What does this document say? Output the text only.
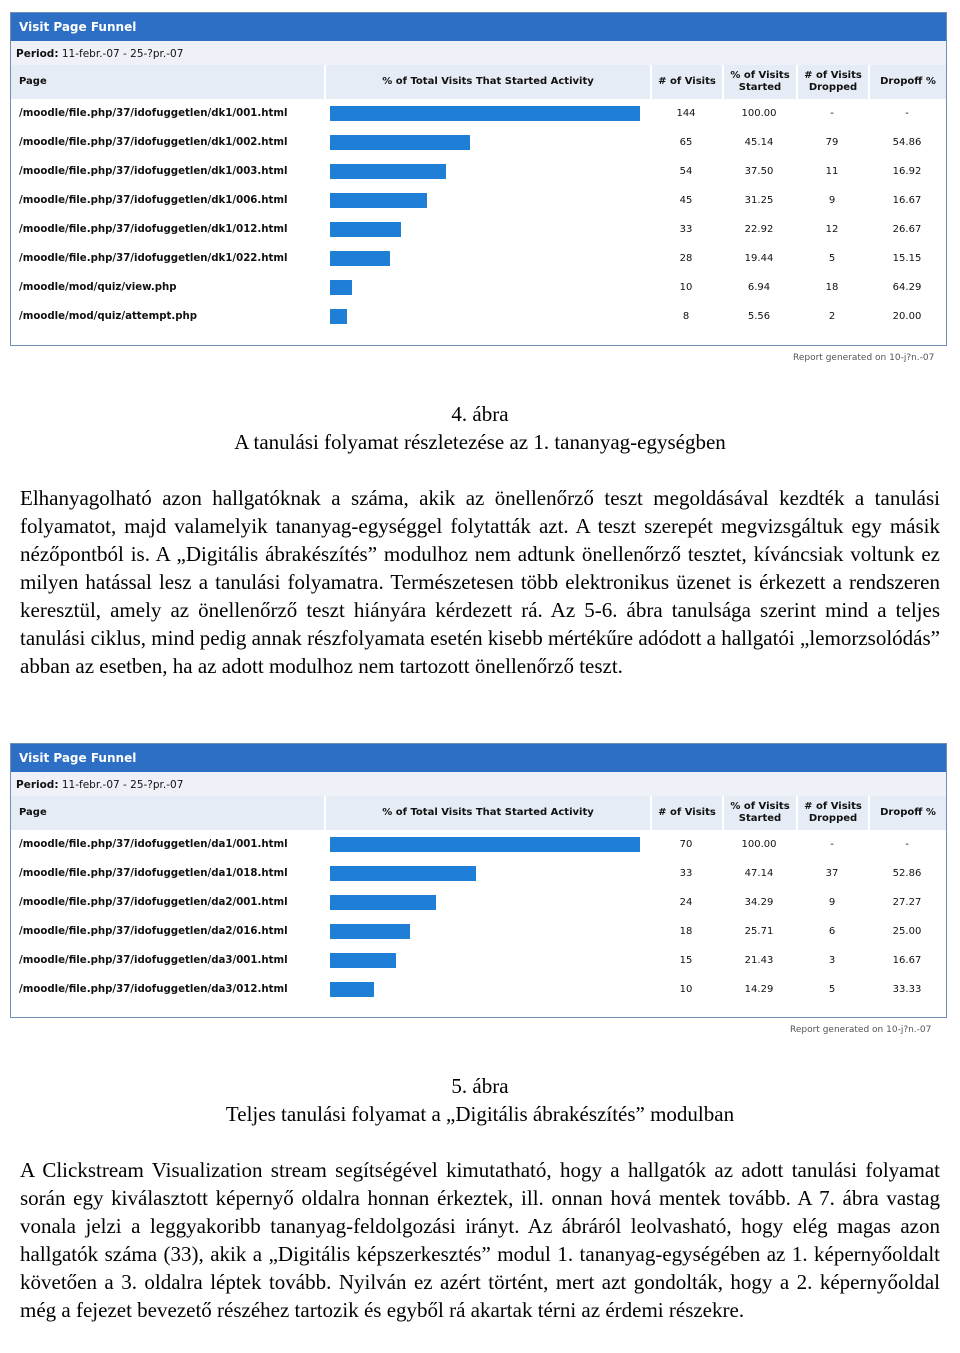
Visit Page Funnel
Period: 11-febr.-07 - 25-?pr.-07
Page	% of Total Visits That Started Activity	# of Visits	% of Visits Started	# of Visits Dropped	Dropoff %
/moodle/file.php/37/idofuggetlen/dk1/001.html		144	100.00	-	-
/moodle/file.php/37/idofuggetlen/dk1/002.html		65	45.14	79	54.86
/moodle/file.php/37/idofuggetlen/dk1/003.html		54	37.50	11	16.92
/moodle/file.php/37/idofuggetlen/dk1/006.html		45	31.25	9	16.67
/moodle/file.php/37/idofuggetlen/dk1/012.html		33	22.92	12	26.67
/moodle/file.php/37/idofuggetlen/dk1/022.html		28	19.44	5	15.15
/moodle/mod/quiz/view.php		10	6.94	18	64.29
/moodle/mod/quiz/attempt.php		8	5.56	2	20.00
Report generated on 10-j?n.-07
4. ábra
A tanulási folyamat részletezése az 1. tananyag-egységben
Elhanyagolható azon hallgatóknak a száma, akik az önellenőrző teszt megoldásával kezdték a tanulási folyamatot, majd valamelyik tananyag-egységgel folytatták azt. A teszt szerepét megvizsgáltuk egy másik nézőpontból is. A „Digitális ábrakészítés” modulhoz nem adtunk önellenőrző tesztet, kíváncsiak voltunk ez milyen hatással lesz a tanulási folyamatra. Természetesen több elektronikus üzenet is érkezett a rendszeren keresztül, amely az önellenőrző teszt hiányára kérdezett rá. Az 5-6. ábra tanulsága szerint mind a teljes tanulási ciklus, mind pedig annak részfolyamata esetén kisebb mértékűre adódott a hallgatói „lemorzsolódás” abban az esetben, ha az adott modulhoz nem tartozott önellenőrző teszt.
Visit Page Funnel
Period: 11-febr.-07 - 25-?pr.-07
Page	% of Total Visits That Started Activity	# of Visits	% of Visits Started	# of Visits Dropped	Dropoff %
/moodle/file.php/37/idofuggetlen/da1/001.html		70	100.00	-	-
/moodle/file.php/37/idofuggetlen/da1/018.html		33	47.14	37	52.86
/moodle/file.php/37/idofuggetlen/da2/001.html		24	34.29	9	27.27
/moodle/file.php/37/idofuggetlen/da2/016.html		18	25.71	6	25.00
/moodle/file.php/37/idofuggetlen/da3/001.html		15	21.43	3	16.67
/moodle/file.php/37/idofuggetlen/da3/012.html		10	14.29	5	33.33
Report generated on 10-j?n.-07
5. ábra
Teljes tanulási folyamat a „Digitális ábrakészítés” modulban
A Clickstream Visualization stream segítségével kimutatható, hogy a hallgatók az adott tanulási folyamat során egy kiválasztott képernyő oldalra honnan érkeztek, ill. onnan hová mentek tovább. A 7. ábra vastag vonala jelzi a leggyakoribb tananyag-feldolgozási irányt. Az ábráról leolvasható, hogy elég magas azon hallgatók száma (33), akik a „Digitális képszerkesztés” modul 1. tananyag-egységében az 1. képernyőoldalt követően a 3. oldalra léptek tovább. Nyilván ez azért történt, mert azt gondolták, hogy a 2. képernyőoldal még a fejezet bevezető részéhez tartozik és egyből rá akartak térni az érdemi részekre.
